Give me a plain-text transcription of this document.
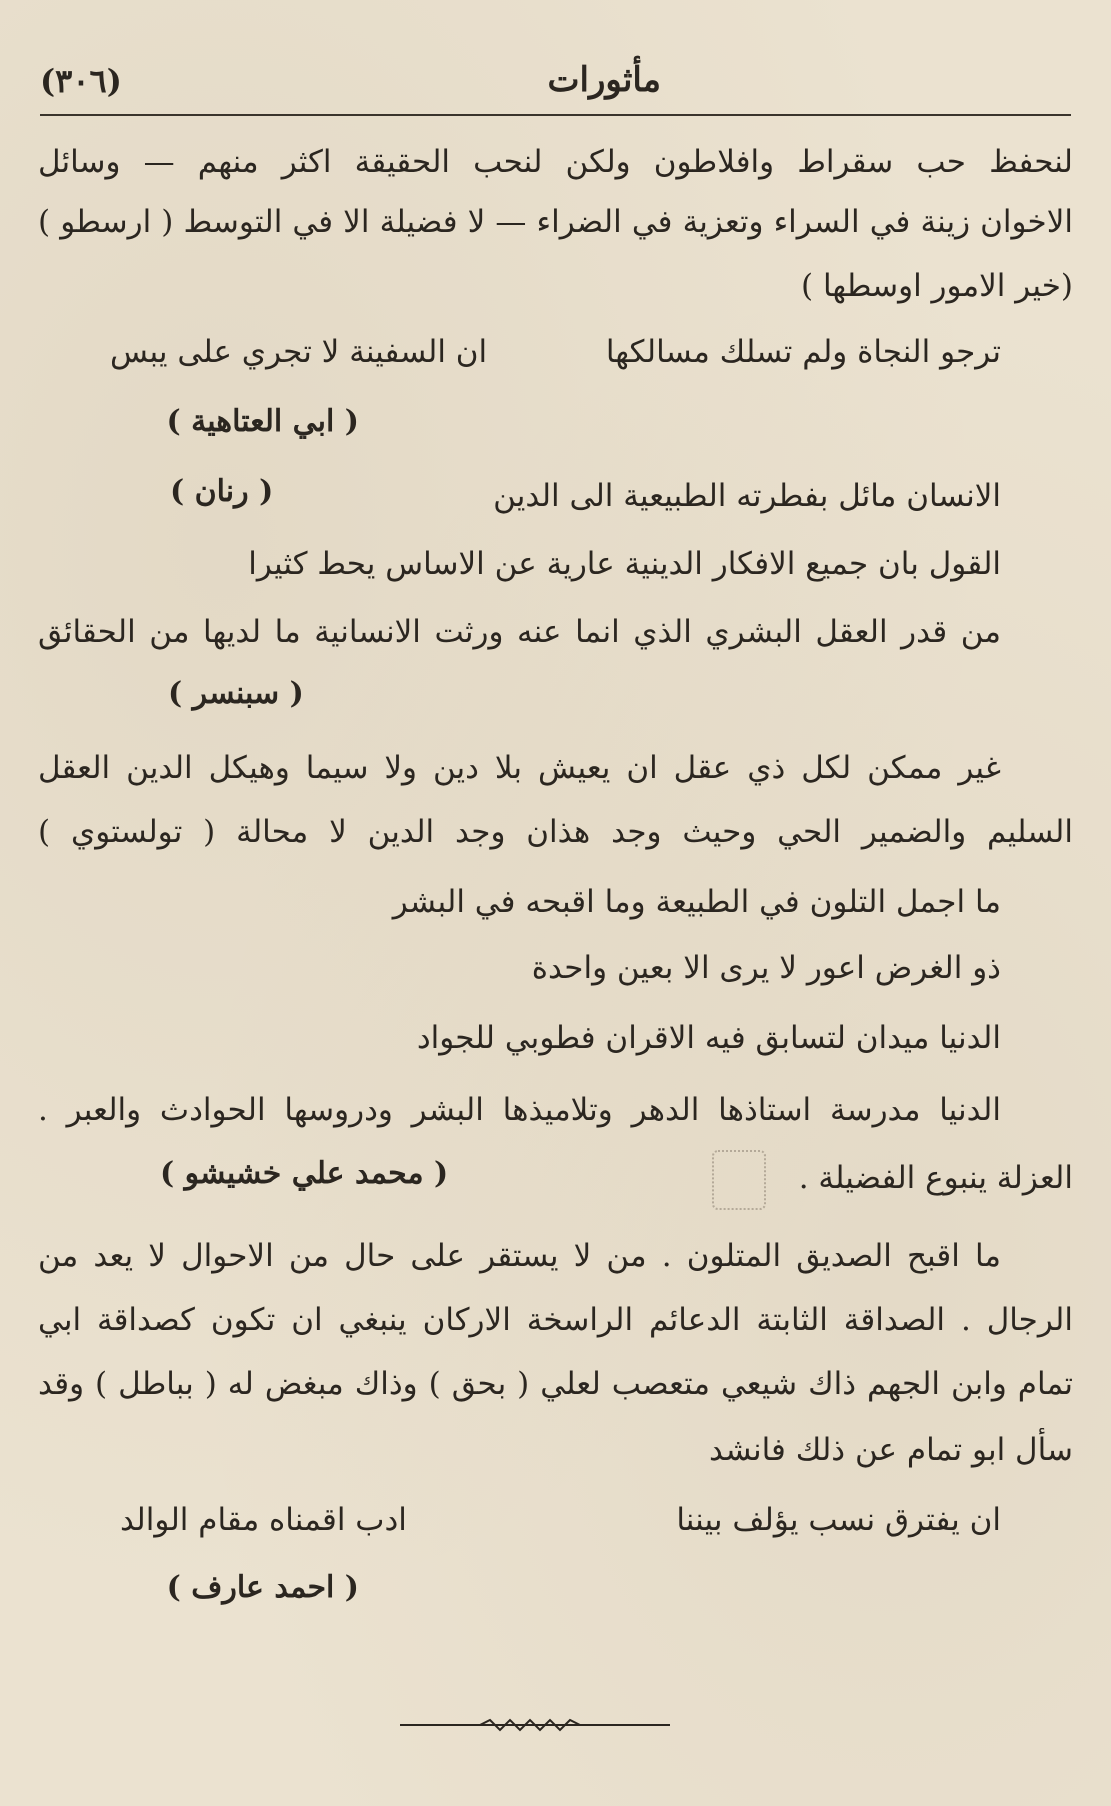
مأثورات
(٣٠٦)
لنحفظ حب سقراط وافلاطون ولكن لنحب الحقيقة اكثر منهم — وسائل
الاخوان زينة في السراء وتعزية في الضراء — لا فضيلة الا في التوسط ( ارسطو )
(خير الامور اوسطها )
ترجو النجاة ولم تسلك مسالكها
ان السفينة لا تجري على يبس
( ابي العتاهية )
الانسان مائل بفطرته الطبيعية الى الدين
( رنان )
القول بان جميع الافكار الدينية عارية عن الاساس يحط كثيرا
من قدر العقل البشري الذي انما عنه ورثت الانسانية ما لديها من الحقائق
( سبنسر )
غير ممكن لكل ذي عقل ان يعيش بلا دين ولا سيما وهيكل الدين العقل
السليم والضمير الحي وحيث وجد هذان وجد الدين لا محالة ( تولستوي )
ما اجمل التلون في الطبيعة وما اقبحه في البشر
ذو الغرض اعور لا يرى الا بعين واحدة
الدنيا ميدان لتسابق فيه الاقران فطوبي للجواد
الدنيا مدرسة استاذها الدهر وتلاميذها البشر ودروسها الحوادث والعبر .
العزلة ينبوع الفضيلة .
( محمد علي خشيشو )
ما اقبح الصديق المتلون . من لا يستقر على حال من الاحوال لا يعد من
الرجال . الصداقة الثابتة الدعائم الراسخة الاركان ينبغي ان تكون كصداقة ابي
تمام وابن الجهم ذاك شيعي متعصب لعلي ( بحق ) وذاك مبغض له ( بباطل ) وقد
سأل ابو تمام عن ذلك فانشد
ان يفترق نسب يؤلف بيننا
ادب اقمناه مقام الوالد
( احمد عارف )
